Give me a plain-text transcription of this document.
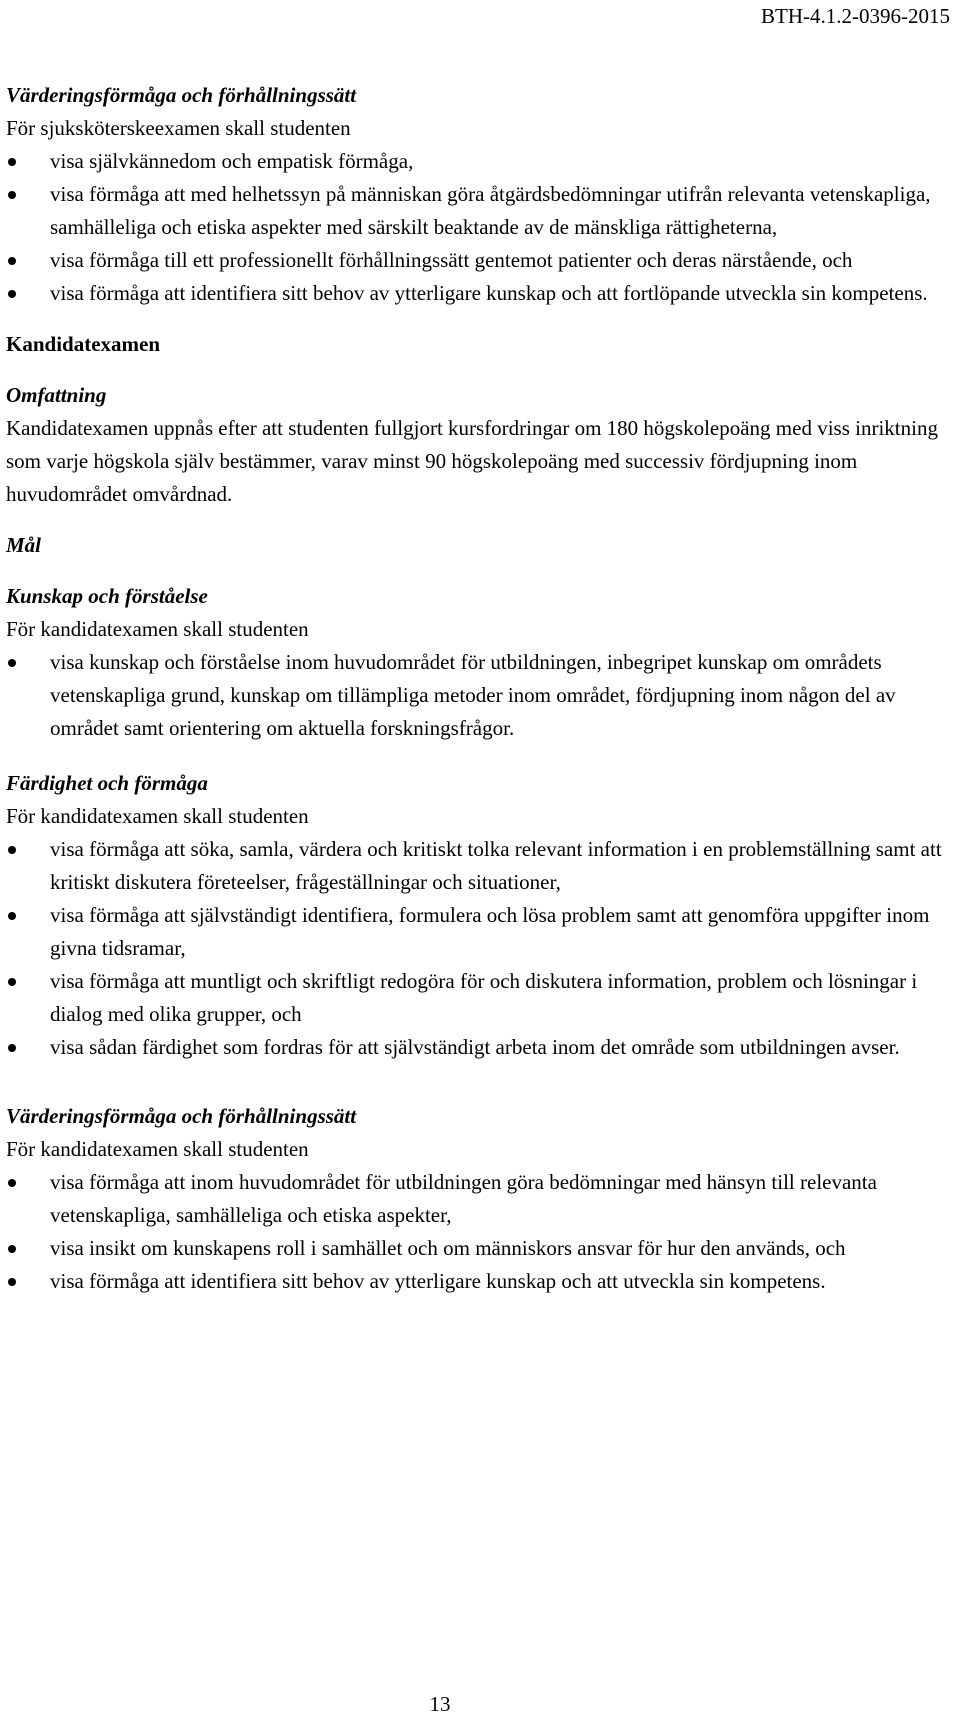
BTH-4.1.2-0396-2015
Värderingsförmåga och förhållningssätt
För sjuksköterskeexamen skall studenten
visa självkännedom och empatisk förmåga,
visa förmåga att med helhetssyn på människan göra åtgärdsbedömningar utifrån relevanta vetenskapliga, samhälleliga och etiska aspekter med särskilt beaktande av de mänskliga rättigheterna,
visa förmåga till ett professionellt förhållningssätt gentemot patienter och deras närstående, och
visa förmåga att identifiera sitt behov av ytterligare kunskap och att fortlöpande utveckla sin kompetens.
Kandidatexamen
Omfattning
Kandidatexamen uppnås efter att studenten fullgjort kursfordringar om 180 högskolepoäng med viss inriktning som varje högskola själv bestämmer, varav minst 90 högskolepoäng med successiv fördjupning inom huvudområdet omvårdnad.
Mål
Kunskap och förståelse
För kandidatexamen skall studenten
visa kunskap och förståelse inom huvudområdet för utbildningen, inbegripet kunskap om områdets vetenskapliga grund, kunskap om tillämpliga metoder inom området, fördjupning inom någon del av området samt orientering om aktuella forskningsfrågor.
Färdighet och förmåga
För kandidatexamen skall studenten
visa förmåga att söka, samla, värdera och kritiskt tolka relevant information i en problemställning samt att kritiskt diskutera företeelser, frågeställningar och situationer,
visa förmåga att självständigt identifiera, formulera och lösa problem samt att genomföra uppgifter inom givna tidsramar,
visa förmåga att muntligt och skriftligt redogöra för och diskutera information, problem och lösningar i dialog med olika grupper, och
visa sådan färdighet som fordras för att självständigt arbeta inom det område som utbildningen avser.
Värderingsförmåga och förhållningssätt
För kandidatexamen skall studenten
visa förmåga att inom huvudområdet för utbildningen göra bedömningar med hänsyn till relevanta vetenskapliga, samhälleliga och etiska aspekter,
visa insikt om kunskapens roll i samhället och om människors ansvar för hur den används, och
visa förmåga att identifiera sitt behov av ytterligare kunskap och att utveckla sin kompetens.
13
